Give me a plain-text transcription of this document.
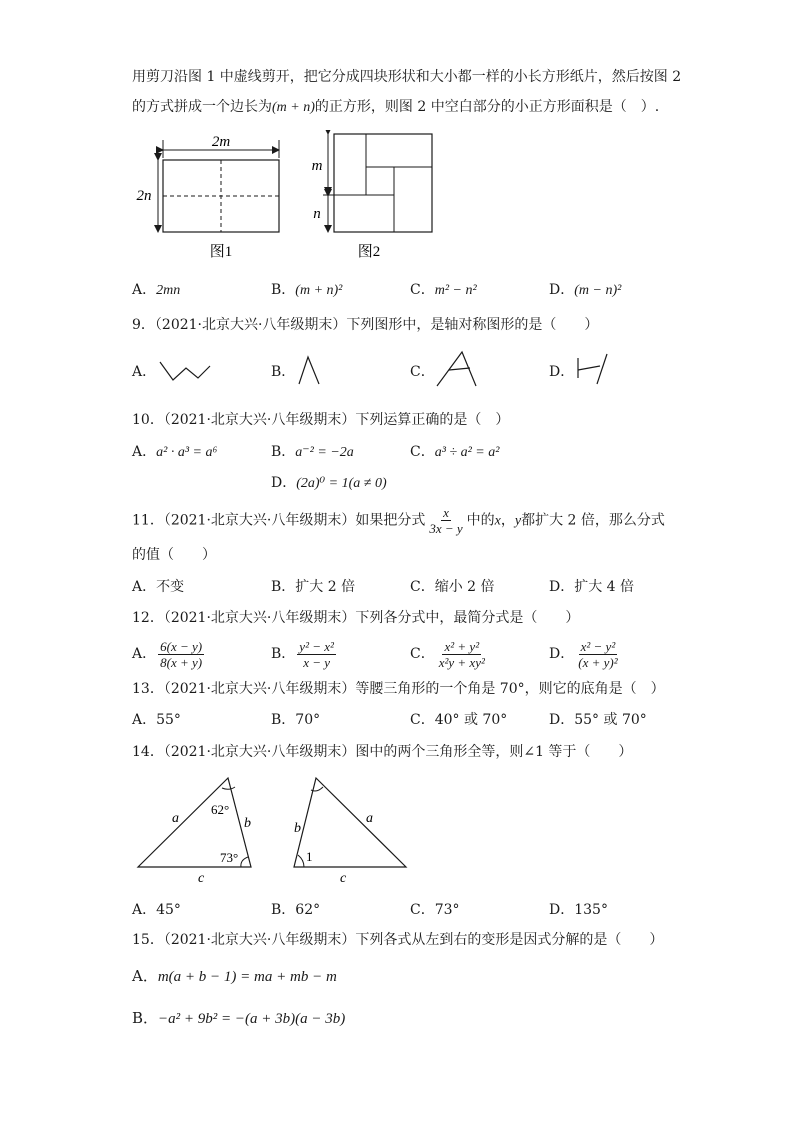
用剪刀沿图 1 中虚线剪开，把它分成四块形状和大小都一样的小长方形纸片，然后按图 2
的方式拼成一个边长为(m + n)的正方形，则图 2 中空白部分的小正方形面积是（　）.
2m
2n
图1
m
n
图2
A．2mn	B．(m + n)²	C．m² − n²	D．(m − n)²
9．（2021·北京大兴·八年级期末）下列图形中，是轴对称图形的是（　　）
A．	B．	C．	D．
10．（2021·北京大兴·八年级期末）下列运算正确的是（　）
A．a² · a³ = a⁶	B．a⁻² = −2a	C．a³ ÷ a² = a²
D．(2a)⁰ = 1(a ≠ 0)
11．（2021·北京大兴·八年级期末）如果把分式 $\frac{x}{3x - y}$ 中的x，y都扩大 2 倍，那么分式
的值（　　）
A．不变	B．扩大 2 倍	C．缩小 2 倍	D．扩大 4 倍
12．（2021·北京大兴·八年级期末）下列各分式中，最简分式是（　　）
A． $\frac{6(x - y)}{8(x + y)}$	B． $\frac{\text{y² − x²}}{x - y}$	C． $\frac{\text{x² + y²}}{\text{x²y + xy²}}$	D． $\frac{\text{x² − y²}}{\text{(x + y)²}}$
13．（2021·北京大兴·八年级期末）等腰三角形的一个角是 70°，则它的底角是（　）
A．55°	B．70°	C．40° 或 70°	D．55° 或 70°
14．（2021·北京大兴·八年级期末）图中的两个三角形全等，则∠1 等于（　　）
a	b
c
62°
73°
b
a
c
1
A．45°	B．62°	C．73°	D．135°
15．（2021·北京大兴·八年级期末）下列各式从左到右的变形是因式分解的是（　　）
A．m(a + b − 1) = ma + mb − m
B．−a² + 9b² = −(a + 3b)(a − 3b)
